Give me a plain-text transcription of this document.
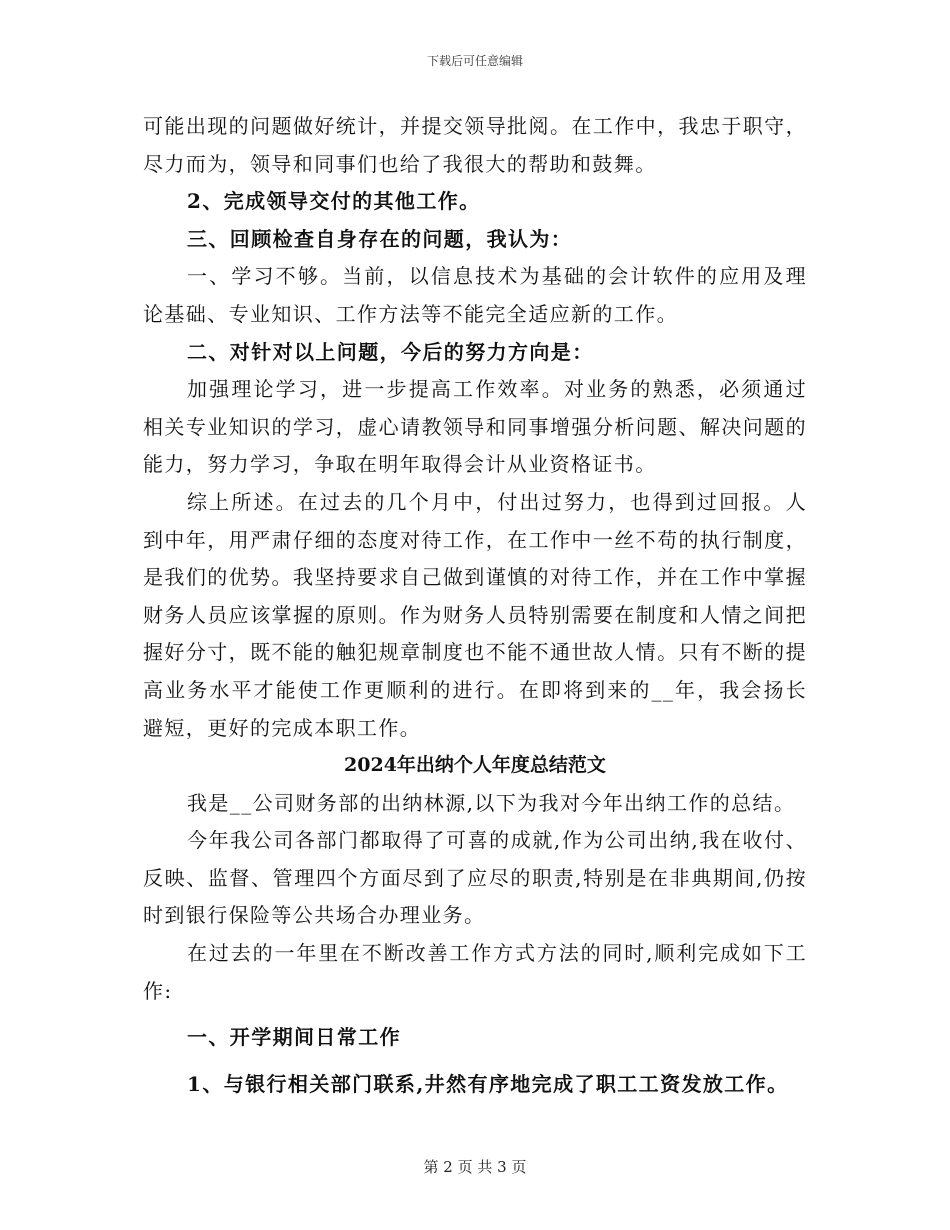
下载后可任意编辑

可能出现的问题做好统计，并提交领导批阅。在工作中，我忠于职守，尽力而为，领导和同事们也给了我很大的帮助和鼓舞。

2、完成领导交付的其他工作。

三、回顾检查自身存在的问题，我认为：

一、学习不够。当前，以信息技术为基础的会计软件的应用及理论基础、专业知识、工作方法等不能完全适应新的工作。

二、对针对以上问题，今后的努力方向是：

加强理论学习，进一步提高工作效率。对业务的熟悉，必须通过相关专业知识的学习，虚心请教领导和同事增强分析问题、解决问题的能力，努力学习，争取在明年取得会计从业资格证书。

综上所述。在过去的几个月中，付出过努力，也得到过回报。人到中年，用严肃仔细的态度对待工作，在工作中一丝不苟的执行制度，是我们的优势。我坚持要求自己做到谨慎的对待工作，并在工作中掌握财务人员应该掌握的原则。作为财务人员特别需要在制度和人情之间把握好分寸，既不能的触犯规章制度也不能不通世故人情。只有不断的提高业务水平才能使工作更顺利的进行。在即将到来的__年，我会扬长避短，更好的完成本职工作。

2024年出纳个人年度总结范文

我是__公司财务部的出纳林源,以下为我对今年出纳工作的总结。

今年我公司各部门都取得了可喜的成就,作为公司出纳,我在收付、反映、监督、管理四个方面尽到了应尽的职责,特别是在非典期间,仍按时到银行保险等公共场合办理业务。

在过去的一年里在不断改善工作方式方法的同时,顺利完成如下工作:

一、开学期间日常工作

1、与银行相关部门联系,井然有序地完成了职工工资发放工作。

第 2 页 共 3 页
